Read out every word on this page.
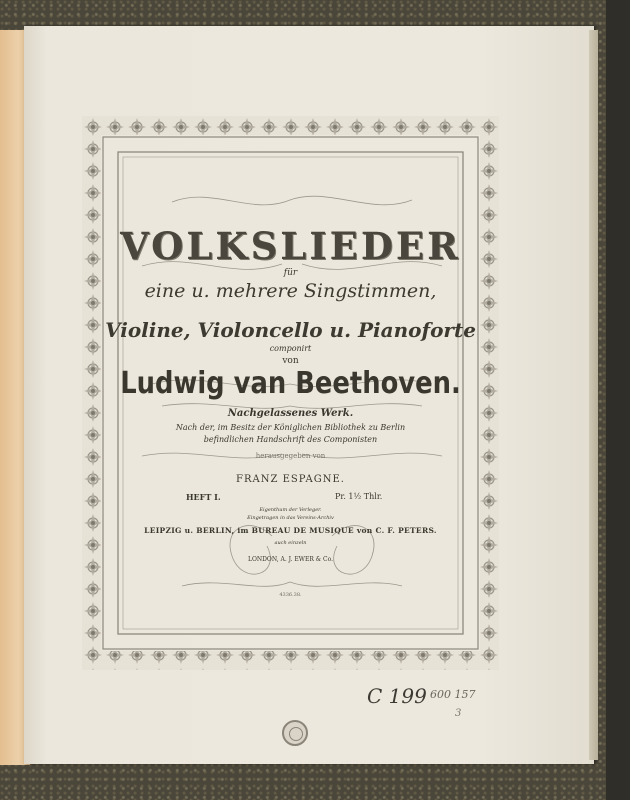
VOLKSLIEDER
für
eine u. mehrere Singstimmen,
Violine, Violoncello u. Pianoforte
componirt
von
Ludwig van Beethoven.
Nachgelassenes Werk.
Nach der, im Besitz der Königlichen Bibliothek zu Berlin
befindlichen Handschrift des Componisten
herausgegeben von
FRANZ ESPAGNE.
HEFT I.	Pr. 1½ Thlr.
Eigenthum der Verleger.
Eingetragen in das Vereins-Archiv
LEIPZIG u. BERLIN, im BUREAU DE MUSIQUE von C. F. PETERS.
auch einzeln
LONDON, A. J. EWER & Co.
4336.38.
C 199 600 157
3
